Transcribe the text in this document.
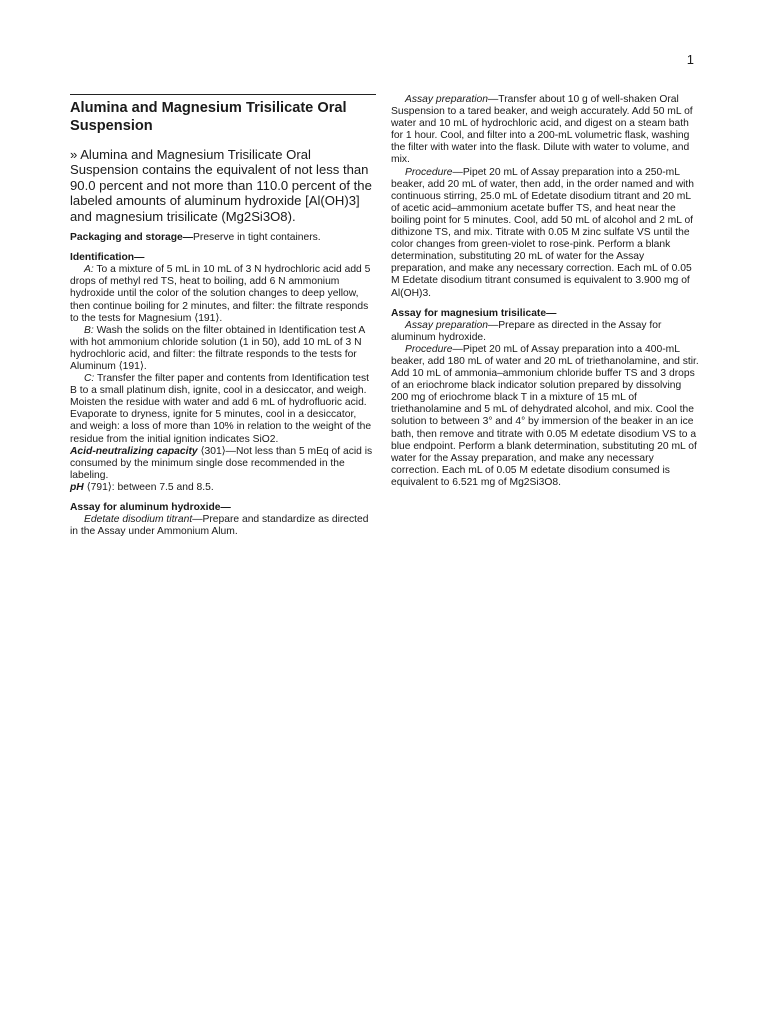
1
Alumina and Magnesium Trisilicate Oral Suspension

» Alumina and Magnesium Trisilicate Oral Suspension contains the equivalent of not less than 90.0 percent and not more than 110.0 percent of the labeled amounts of aluminum hydroxide [Al(OH)3] and magnesium trisilicate (Mg2Si3O8).

Packaging and storage—Preserve in tight containers.

Identification—

A: To a mixture of 5 mL in 10 mL of 3 N hydrochloric acid add 5 drops of methyl red TS, heat to boiling, add 6 N ammonium hydroxide until the color of the solution changes to deep yellow, then continue boiling for 2 minutes, and filter: the filtrate responds to the tests for Magnesium ⟨191⟩.

B: Wash the solids on the filter obtained in Identification test A with hot ammonium chloride solution (1 in 50), add 10 mL of 3 N hydrochloric acid, and filter: the filtrate responds to the tests for Aluminum ⟨191⟩.

C: Transfer the filter paper and contents from Identification test B to a small platinum dish, ignite, cool in a desiccator, and weigh. Moisten the residue with water and add 6 mL of hydrofluoric acid. Evaporate to dryness, ignite for 5 minutes, cool in a desiccator, and weigh: a loss of more than 10% in relation to the weight of the residue from the initial ignition indicates SiO2.

Acid-neutralizing capacity ⟨301⟩—Not less than 5 mEq of acid is consumed by the minimum single dose recommended in the labeling.

pH ⟨791⟩: between 7.5 and 8.5.

Assay for aluminum hydroxide—

Edetate disodium titrant—Prepare and standardize as directed in the Assay under Ammonium Alum.

Assay preparation—Transfer about 10 g of well-shaken Oral Suspension to a tared beaker, and weigh accurately. Add 50 mL of water and 10 mL of hydrochloric acid, and digest on a steam bath for 1 hour. Cool, and filter into a 200-mL volumetric flask, washing the filter with water into the flask. Dilute with water to volume, and mix.

Procedure—Pipet 20 mL of Assay preparation into a 250-mL beaker, add 20 mL of water, then add, in the order named and with continuous stirring, 25.0 mL of Edetate disodium titrant and 20 mL of acetic acid–ammonium acetate buffer TS, and heat near the boiling point for 5 minutes. Cool, add 50 mL of alcohol and 2 mL of dithizone TS, and mix. Titrate with 0.05 M zinc sulfate VS until the color changes from green-violet to rose-pink. Perform a blank determination, substituting 20 mL of water for the Assay preparation, and make any necessary correction. Each mL of 0.05 M Edetate disodium titrant consumed is equivalent to 3.900 mg of Al(OH)3.

Assay for magnesium trisilicate—

Assay preparation—Prepare as directed in the Assay for aluminum hydroxide.

Procedure—Pipet 20 mL of Assay preparation into a 400-mL beaker, add 180 mL of water and 20 mL of triethanolamine, and stir. Add 10 mL of ammonia–ammonium chloride buffer TS and 3 drops of an eriochrome black indicator solution prepared by dissolving 200 mg of eriochrome black T in a mixture of 15 mL of triethanolamine and 5 mL of dehydrated alcohol, and mix. Cool the solution to between 3° and 4° by immersion of the beaker in an ice bath, then remove and titrate with 0.05 M edetate disodium VS to a blue endpoint. Perform a blank determination, substituting 20 mL of water for the Assay preparation, and make any necessary correction. Each mL of 0.05 M edetate disodium consumed is equivalent to 6.521 mg of Mg2Si3O8.
